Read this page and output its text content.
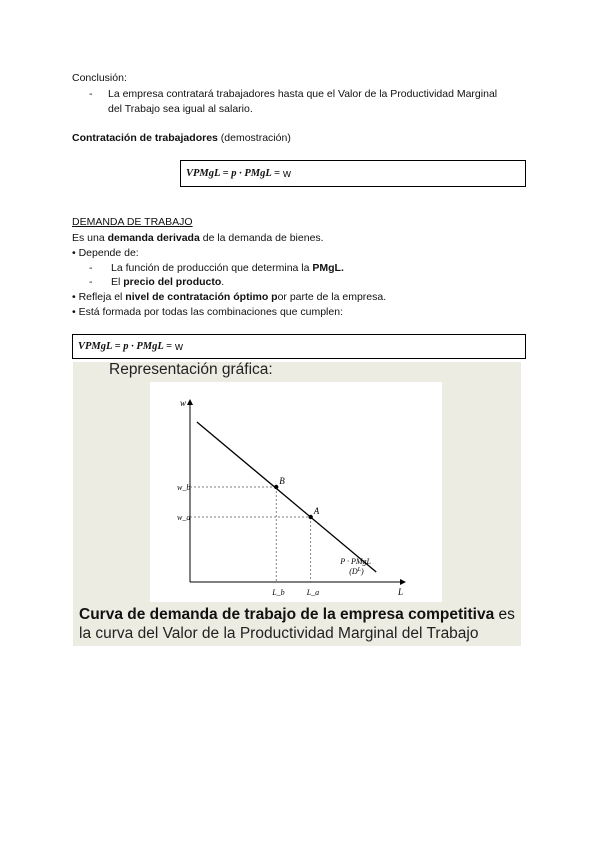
Conclusión:
-	La empresa contratará trabajadores hasta que el Valor de la Productividad Marginal
del Trabajo sea igual al salario.
Contratación de trabajadores (demostración)
VPMgL = p · PMgL = w
DEMANDA DE TRABAJO
Es una demanda derivada de la demanda de bienes.
• Depende de:
- La función de producción que determina la PMgL.
- El precio del producto.
• Refleja el nivel de contratación óptimo por parte de la empresa.
• Está formada por todas las combinaciones que cumplen:
VPMgL = p · PMgL = w
Representación gráfica:
w
L
B
w_b
L_b
A
w_a
L_a
P · PMgL
$(D^L)$
Curva de demanda de trabajo de la empresa competitiva es
la curva del Valor de la Productividad Marginal del Trabajo
